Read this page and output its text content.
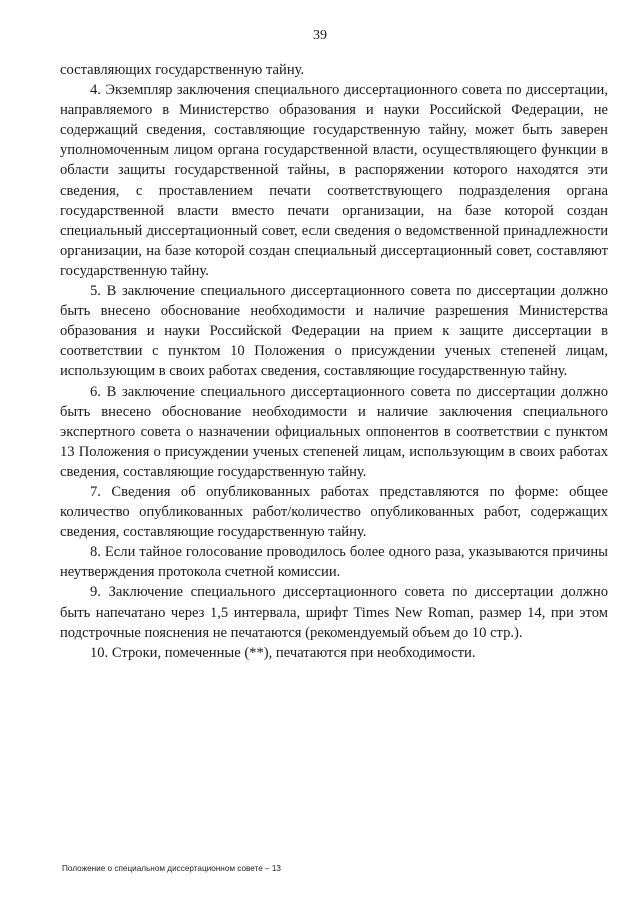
39

составляющих государственную тайну.

4. Экземпляр заключения специального диссертационного совета по диссертации, направляемого в Министерство образования и науки Российской Федерации, не содержащий сведения, составляющие государственную тайну, может быть заверен уполномоченным лицом органа государственной власти, осуществляющего функции в области защиты государственной тайны, в распоряжении которого находятся эти сведения, с проставлением печати соответствующего подразделения органа государственной власти вместо печати организации, на базе которой создан специальный диссертационный совет, если сведения о ведомственной принадлежности организации, на базе которой создан специальный диссертационный совет, составляют государственную тайну.

5. В заключение специального диссертационного совета по диссертации должно быть внесено обоснование необходимости и наличие разрешения Министерства образования и науки Российской Федерации на прием к защите диссертации в соответствии с пунктом 10 Положения о присуждении ученых степеней лицам, использующим в своих работах сведения, составляющие государственную тайну.

6. В заключение специального диссертационного совета по диссертации должно быть внесено обоснование необходимости и наличие заключения специального экспертного совета о назначении официальных оппонентов в соответствии с пунктом 13 Положения о присуждении ученых степеней лицам, использующим в своих работах сведения, составляющие государственную тайну.

7. Сведения об опубликованных работах представляются по форме: общее количество опубликованных работ/количество опубликованных работ, содержащих сведения, составляющие государственную тайну.

8. Если тайное голосование проводилось более одного раза, указываются причины неутверждения протокола счетной комиссии.

9. Заключение специального диссертационного совета по диссертации должно быть напечатано через 1,5 интервала, шрифт Times New Roman, размер 14, при этом подстрочные пояснения не печатаются (рекомендуемый объем до 10 стр.).

10. Строки, помеченные (**), печатаются при необходимости.

Положение о специальном диссертационном совете – 13
